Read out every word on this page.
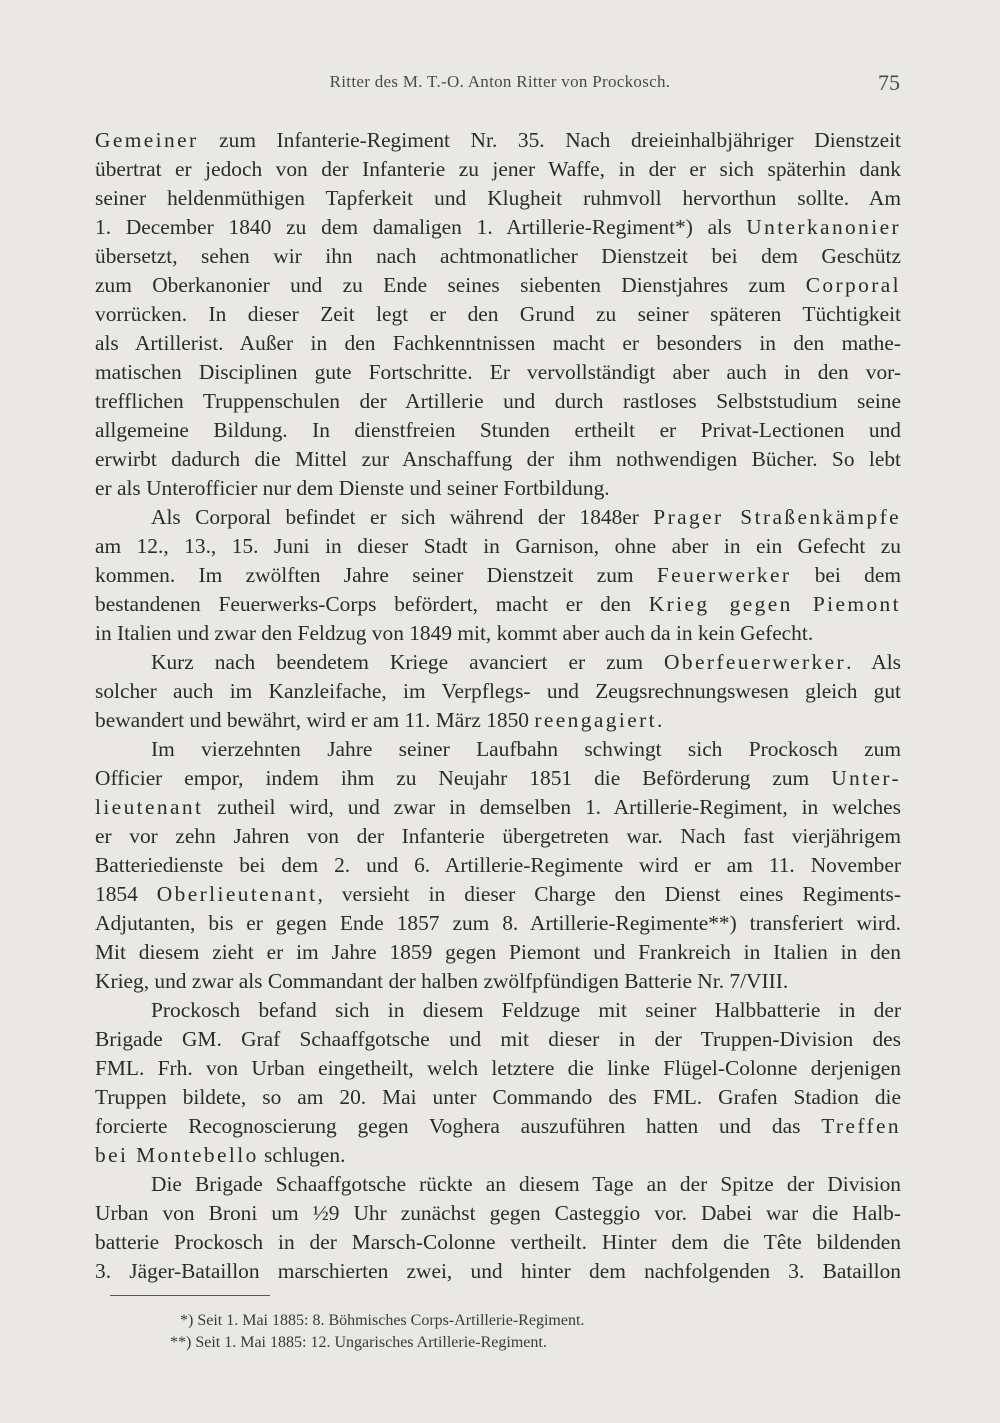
Ritter des M. T.-O. Anton Ritter von Prockosch.	75
Gemeiner zum Infanterie-Regiment Nr. 35. Nach dreieinhalbjähriger Dienstzeit
übertrat er jedoch von der Infanterie zu jener Waffe, in der er sich späterhin dank
seiner heldenmüthigen Tapferkeit und Klugheit ruhmvoll hervorthun sollte. Am
1. December 1840 zu dem damaligen 1. Artillerie-Regiment*) als Unterkanonier
übersetzt, sehen wir ihn nach achtmonatlicher Dienstzeit bei dem Geschütz
zum Oberkanonier und zu Ende seines siebenten Dienstjahres zum Corporal
vorrücken. In dieser Zeit legt er den Grund zu seiner späteren Tüchtigkeit
als Artillerist. Außer in den Fachkenntnissen macht er besonders in den mathe-
matischen Disciplinen gute Fortschritte. Er vervollständigt aber auch in den vor-
trefflichen Truppenschulen der Artillerie und durch rastloses Selbststudium seine
allgemeine Bildung. In dienstfreien Stunden ertheilt er Privat-Lectionen und
erwirbt dadurch die Mittel zur Anschaffung der ihm nothwendigen Bücher. So lebt
er als Unterofficier nur dem Dienste und seiner Fortbildung.
Als Corporal befindet er sich während der 1848er Prager Straßenkämpfe
am 12., 13., 15. Juni in dieser Stadt in Garnison, ohne aber in ein Gefecht zu
kommen. Im zwölften Jahre seiner Dienstzeit zum Feuerwerker bei dem
bestandenen Feuerwerks-Corps befördert, macht er den Krieg gegen Piemont
in Italien und zwar den Feldzug von 1849 mit, kommt aber auch da in kein Gefecht.
Kurz nach beendetem Kriege avanciert er zum Oberfeuerwerker. Als
solcher auch im Kanzleifache, im Verpflegs- und Zeugsrechnungswesen gleich gut
bewandert und bewährt, wird er am 11. März 1850 reengagiert.
Im vierzehnten Jahre seiner Laufbahn schwingt sich Prockosch zum
Officier empor, indem ihm zu Neujahr 1851 die Beförderung zum Unter-
lieutenant zutheil wird, und zwar in demselben 1. Artillerie-Regiment, in welches
er vor zehn Jahren von der Infanterie übergetreten war. Nach fast vierjährigem
Batteriedienste bei dem 2. und 6. Artillerie-Regimente wird er am 11. November
1854 Oberlieutenant, versieht in dieser Charge den Dienst eines Regiments-
Adjutanten, bis er gegen Ende 1857 zum 8. Artillerie-Regimente**) transferiert wird.
Mit diesem zieht er im Jahre 1859 gegen Piemont und Frankreich in Italien in den
Krieg, und zwar als Commandant der halben zwölfpfündigen Batterie Nr. 7/VIII.
Prockosch befand sich in diesem Feldzuge mit seiner Halbbatterie in der
Brigade GM. Graf Schaaffgotsche und mit dieser in der Truppen-Division des
FML. Frh. von Urban eingetheilt, welch letztere die linke Flügel-Colonne derjenigen
Truppen bildete, so am 20. Mai unter Commando des FML. Grafen Stadion die
forcierte Recognoscierung gegen Voghera auszuführen hatten und das Treffen
bei Montebello schlugen.
Die Brigade Schaaffgotsche rückte an diesem Tage an der Spitze der Division
Urban von Broni um ½9 Uhr zunächst gegen Casteggio vor. Dabei war die Halb-
batterie Prockosch in der Marsch-Colonne vertheilt. Hinter dem die Tête bildenden
3. Jäger-Bataillon marschierten zwei, und hinter dem nachfolgenden 3. Bataillon
*) Seit 1. Mai 1885: 8. Böhmisches Corps-Artillerie-Regiment.
**) Seit 1. Mai 1885: 12. Ungarisches Artillerie-Regiment.
